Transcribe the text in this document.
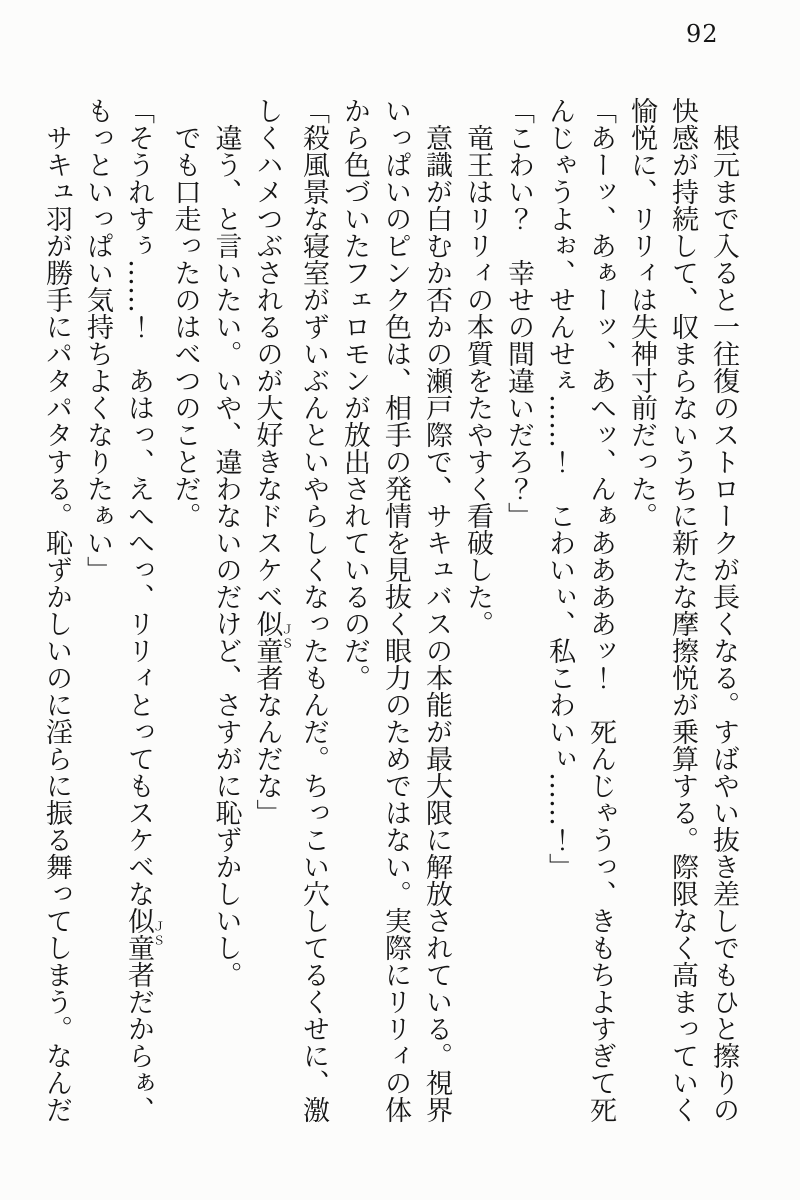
92

根元まで入ると一往復のストロークが長くなる。すばやい抜き差しでもひと擦りの

快感が持続して、収まらないうちに新たな摩擦悦が乗算する。際限なく高まっていく

愉悦に、リリィは失神寸前だった。

「あーッ、あぁーッ、あへッ、んぁああああッ！　死んじゃうっ、きもちよすぎて死

んじゃうよぉ、せんせぇ……！　こわいぃ、私こわいぃ……！」

「こわい？　幸せの間違いだろ？」

竜王はリリィの本質をたやすく看破した。

意識が白むか否かの瀬戸際で、サキュバスの本能が最大限に解放されている。視界

いっぱいのピンク色は、相手の発情を見抜く眼力のためではない。実際にリリィの体

から色づいたフェロモンが放出されているのだ。

「殺風景な寝室がずいぶんといやらしくなったもんだ。ちっこい穴してるくせに、激

しくハメつぶされるのが大好きなドスケベ似童ＪＳ者なんだな」

違う、と言いたい。いや、違わないのだけど、さすがに恥ずかしいし。

でも口走ったのはべつのことだ。

「そうれすぅ……！　あはっ、えへへっ、リリィとってもスケベな似童ＪＳ者だからぁ、

もっといっぱい気持ちよくなりたぁい」

サキュ羽が勝手にパタパタする。恥ずかしいのに淫らに振る舞ってしまう。なんだ
